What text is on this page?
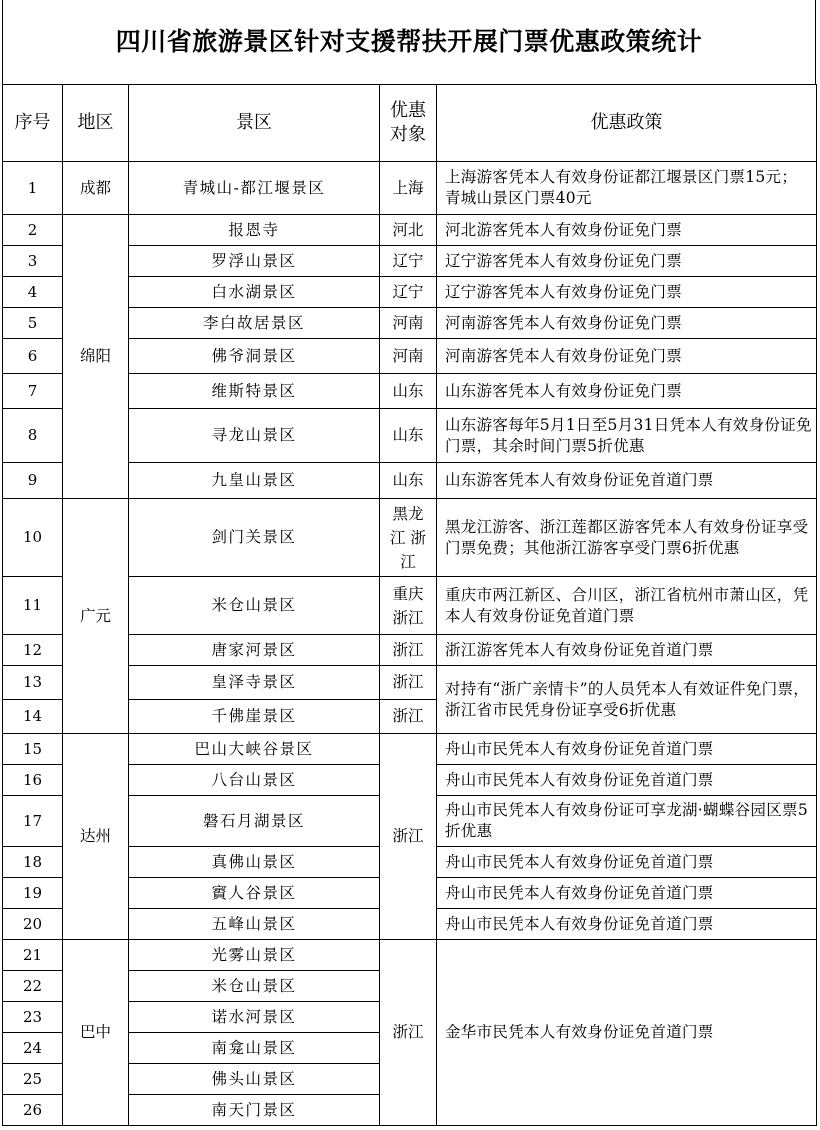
四川省旅游景区针对支援帮扶开展门票优惠政策统计
序号	地区	景区	优惠对象	优惠政策
1	成都	青城山-都江堰景区	上海	上海游客凭本人有效身份证都江堰景区门票15元；青城山景区门票40元
2	绵阳	报恩寺	河北	河北游客凭本人有效身份证免门票
3		罗浮山景区	辽宁	辽宁游客凭本人有效身份证免门票
4		白水湖景区	辽宁	辽宁游客凭本人有效身份证免门票
5		李白故居景区	河南	河南游客凭本人有效身份证免门票
6		佛爷洞景区	河南	河南游客凭本人有效身份证免门票
7		维斯特景区	山东	山东游客凭本人有效身份证免门票
8		寻龙山景区	山东	山东游客每年5月1日至5月31日凭本人有效身份证免门票，其余时间门票5折优惠
9		九皇山景区	山东	山东游客凭本人有效身份证免首道门票
10	广元	剑门关景区	黑龙江 浙江	黑龙江游客、浙江莲都区游客凭本人有效身份证享受门票免费；其他浙江游客享受门票6折优惠
11		米仓山景区	重庆 浙江	重庆市两江新区、合川区，浙江省杭州市萧山区，凭本人有效身份证免首道门票
12		唐家河景区	浙江	浙江游客凭本人有效身份证免首道门票
13		皇泽寺景区	浙江	对持有“浙广亲情卡”的人员凭本人有效证件免门票，浙江省市民凭身份证享受6折优惠
14		千佛崖景区	浙江	
15	达州	巴山大峡谷景区	浙江	舟山市民凭本人有效身份证免首道门票
16		八台山景区		舟山市民凭本人有效身份证免首道门票
17		磐石月湖景区		舟山市民凭本人有效身份证可享龙湖·蝴蝶谷园区票5折优惠
18		真佛山景区		舟山市民凭本人有效身份证免首道门票
19		賨人谷景区		舟山市民凭本人有效身份证免首道门票
20		五峰山景区		舟山市民凭本人有效身份证免首道门票
21	巴中	光雾山景区	浙江	金华市民凭本人有效身份证免首道门票
22		米仓山景区		
23		诺水河景区		
24		南龛山景区		
25		佛头山景区		
26		南天门景区		
